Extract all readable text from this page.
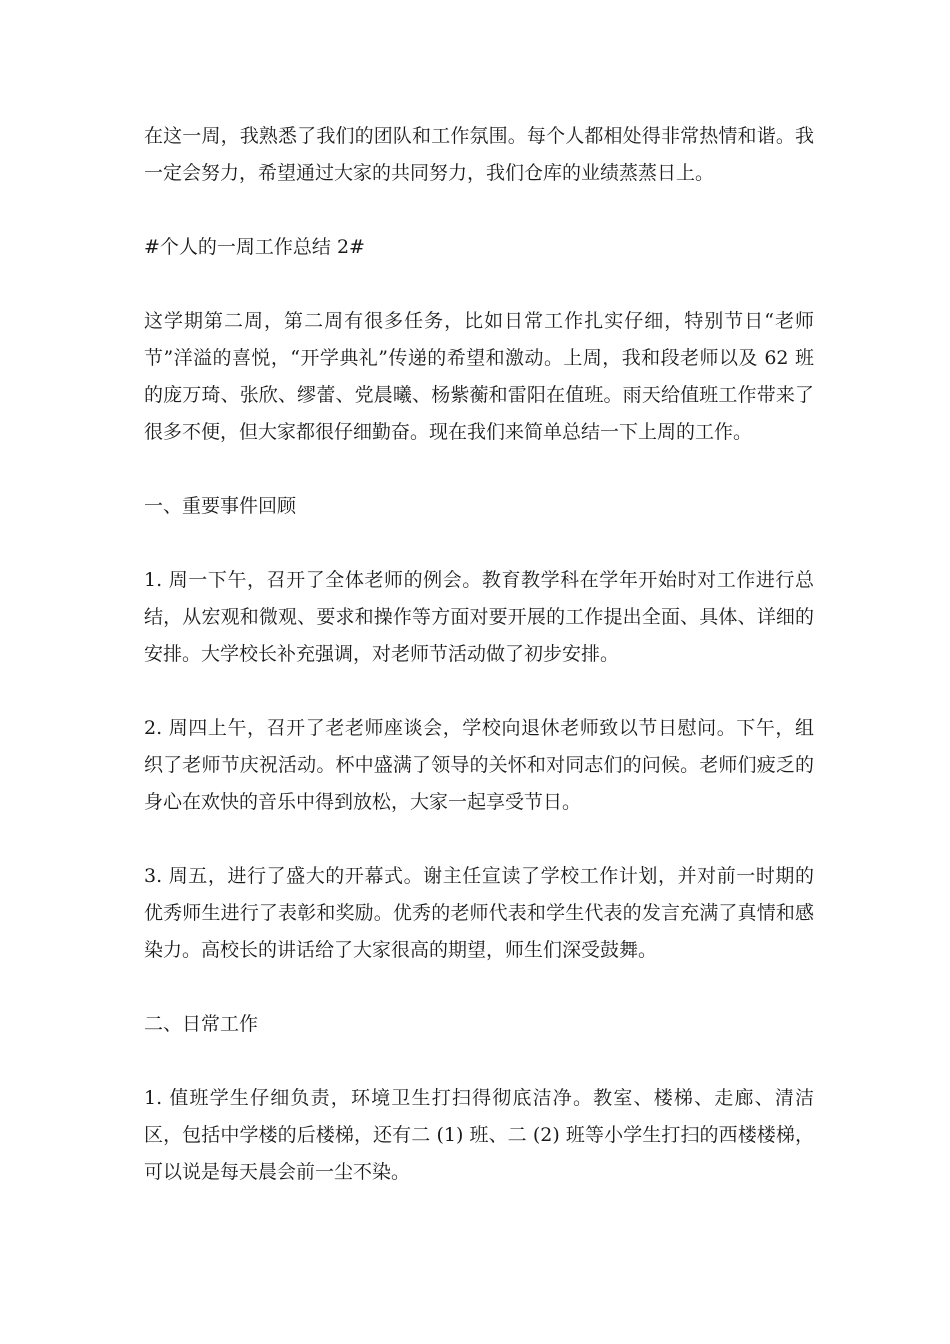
在这一周，我熟悉了我们的团队和工作氛围。每个人都相处得非常热情和谐。我一定会努力，希望通过大家的共同努力，我们仓库的业绩蒸蒸日上。

#个人的一周工作总结 2#

这学期第二周，第二周有很多任务，比如日常工作扎实仔细，特别节日“老师节”洋溢的喜悦，“开学典礼”传递的希望和激动。上周，我和段老师以及 62 班的庞万琦、张欣、缪蕾、党晨曦、杨紫蘅和雷阳在值班。雨天给值班工作带来了很多不便，但大家都很仔细勤奋。现在我们来简单总结一下上周的工作。

一、重要事件回顾

1. 周一下午，召开了全体老师的例会。教育教学科在学年开始时对工作进行总结，从宏观和微观、要求和操作等方面对要开展的工作提出全面、具体、详细的安排。大学校长补充强调，对老师节活动做了初步安排。

2. 周四上午，召开了老老师座谈会，学校向退休老师致以节日慰问。下午，组织了老师节庆祝活动。杯中盛满了领导的关怀和对同志们的问候。老师们疲乏的身心在欢快的音乐中得到放松，大家一起享受节日。

3. 周五，进行了盛大的开幕式。谢主任宣读了学校工作计划，并对前一时期的优秀师生进行了表彰和奖励。优秀的老师代表和学生代表的发言充满了真情和感染力。高校长的讲话给了大家很高的期望，师生们深受鼓舞。

二、日常工作

1. 值班学生仔细负责，环境卫生打扫得彻底洁净。教室、楼梯、走廊、清洁区，包括中学楼的后楼梯，还有二 (1) 班、二 (2) 班等小学生打扫的西楼楼梯，可以说是每天晨会前一尘不染。
